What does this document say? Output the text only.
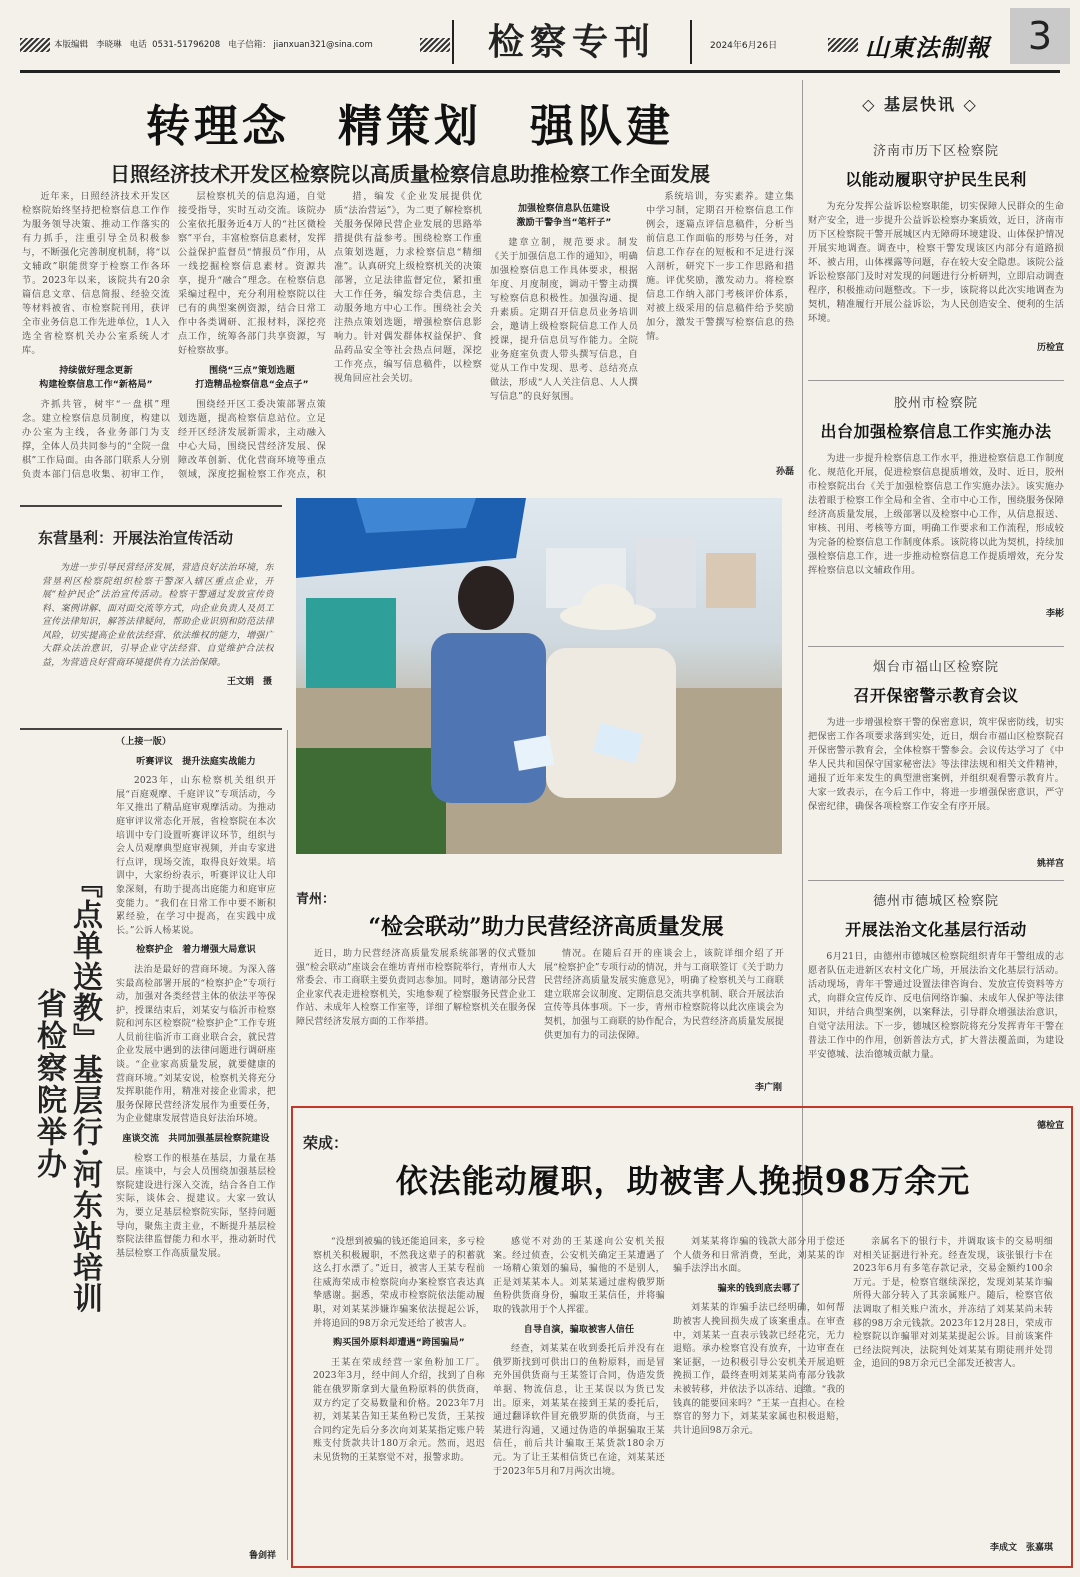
本版编辑 李晓琳 电话 0531-51796208 电子信箱： jianxuan321@sina.com	检察专刊	2024年6月26日	山東法制報 3
转理念　精策划　强队建
日照经济技术开发区检察院以高质量检察信息助推检察工作全面发展

近年来，日照经济技术开发区检察院始终坚持把检察信息工作作为服务领导决策、推动工作落实的有力抓手，注重引导全员积极参与，不断强化完善制度机制，将“以文辅政”职能贯穿于检察工作各环节。2023年以来，该院共有20余篇信息文章、信息简报、经验交流等材料被省、市检察院刊用，获评全市业务信息工作先进单位，1人入选全省检察机关办公室系统人才库。

持续做好理念更新
构建检察信息工作“新格局”

齐抓共管，树牢“一盘棋”理念。建立检察信息员制度，构建以办公室为主线，各业务部门为支撑，全体人员共同参与的“全院一盘棋”工作局面。由各部门联系人分别负责本部门信息收集、初审工作，

层检察机关的信息沟通，自觉接受指导，实时互动交流。该院办公室依托服务近4万人的“社区微检察”平台，丰富检察信息素材，发挥公益保护监督员“情报员”作用，从一线挖掘检察信息素材。资源共享，提升“融合”理念。在检察信息采编过程中，充分利用检察院以往已有的典型案例资源，结合日常工作中各类调研、汇报材料，深挖亮点工作，统筹各部门共享资源，写好检察故事。

围绕“三点”策划选题
打造精品检察信息“金点子”

围绕经开区工委决策部署点策划选题，提高检察信息站位。立足经开区经济发展新需求，主动融入中心大局，围绕民营经济发展、保障改革创新、优化营商环境等重点领域，深度挖掘检察工作亮点，积

措，编发《企业发展提供优质“法治营运”》，为二更了解检察机关服务保障民营企业发展的思路举措提供有益参考。围绕检察工作重点策划选题，力求检察信息“精细准”。认真研究上级检察机关的决策部署，立足法律监督定位，紧扣重大工作任务，编发综合类信息，主动服务地方中心工作。围绕社会关注热点策划选题，增强检察信息影响力。针对偶发群体权益保护、食品药品安全等社会热点问题，深挖工作亮点，编写信息稿件，以检察视角回应社会关切。

加强检察信息队伍建设
激励干警争当“笔杆子”

建章立制，规范要求。制发《关于加强信息工作的通知》，明确加强检察信息工作具体要求，根据年度、月度制度，调动干警主动撰写检察信息积极性。加强沟通、提升素质。定期召开信息员业务培训会，邀请上级检察院信息工作人员授课，提升信息员写作能力。全院业务庭室负责人带头撰写信息，自觉从工作中发现、思考、总结亮点做法，形成“人人关注信息、人人撰写信息”的良好氛围。

系统培训，夯实素养。建立集中学习制，定期召开检察信息工作例会，逐篇点评信息稿件，分析当前信息工作面临的形势与任务，对信息工作存在的短板和不足进行深入剖析，研究下一步工作思路和措施。评优奖励，激发动力。将检察信息工作纳入部门考核评价体系，对被上级采用的信息稿件给予奖励加分，激发干警撰写检察信息的热情。

孙磊
◇ 基层快讯 ◇
济南市历下区检察院
以能动履职守护民生民利

为充分发挥公益诉讼检察职能，切实保障人民群众的生命财产安全，进一步提升公益诉讼检察办案质效，近日，济南市历下区检察院干警开展城区内无障碍环境建设、山体保护情况开展实地调查。调查中，检察干警发现该区内部分有道路损坏、被占用，山体裸露等问题，存在较大安全隐患。该院公益诉讼检察部门及时对发现的问题进行分析研判，立即启动调查程序，积极推动问题整改。下一步，该院将以此次实地调查为契机，精准履行开展公益诉讼，为人民创造安全、便利的生活环境。

历检宣
胶州市检察院
出台加强检察信息工作实施办法

为进一步提升检察信息工作水平，推进检察信息工作制度化、规范化开展，促进检察信息提质增效，及时、近日，胶州市检察院出台《关于加强检察信息工作实施办法》。该实施办法着眼于检察工作全局和全省、全市中心工作，围绕服务保障经济高质量发展，上级部署以及检察中心工作，从信息报送、审核、刊用、考核等方面，明确工作要求和工作流程，形成较为完备的检察信息工作制度体系。该院将以此为契机，持续加强检察信息工作，进一步推动检察信息工作提质增效，充分发挥检察信息以文辅政作用。

李彬
烟台市福山区检察院
召开保密警示教育会议

为进一步增强检察干警的保密意识，筑牢保密防线，切实把保密工作各项要求落到实处，近日，烟台市福山区检察院召开保密警示教育会，全体检察干警参会。会议传达学习了《中华人民共和国保守国家秘密法》等法律法规和相关文件精神，通报了近年来发生的典型泄密案例，并组织观看警示教育片。大家一致表示，在今后工作中，将进一步增强保密意识，严守保密纪律，确保各项检察工作安全有序开展。

姚祥宫
德州市德城区检察院
开展法治文化基层行活动

6月21日，由德州市德城区检察院组织青年干警组成的志愿者队伍走进新区农村文化广场，开展法治文化基层行活动。活动现场，青年干警通过设置法律咨询台、发放宣传资料等方式，向群众宣传反诈、反电信网络诈骗、未成年人保护等法律知识，并结合典型案例，以案释法，引导群众增强法治意识，自觉守法用法。下一步，德城区检察院将充分发挥青年干警在普法工作中的作用，创新普法方式，扩大普法覆盖面，为建设平安德城、法治德城贡献力量。

德检宣
东营垦利：开展法治宣传活动

为进一步引导民营经济发展，营造良好法治环境，东营垦利区检察院组织检察干警深入辖区重点企业，开展“检护民企”法治宣传活动。检察干警通过发放宣传资料、案例讲解、面对面交流等方式，向企业负责人及员工宣传法律知识，解答法律疑问，帮助企业识别和防范法律风险，切实提高企业依法经营、依法维权的能力，增强广大群众法治意识，引导企业守法经营、自觉维护合法权益，为营造良好营商环境提供有力法治保障。

王文娟　摄
『点单送教』基层行·河东站培训
省检察院举办
（上接一版）
听赛评议　提升法庭实战能力

2023年，山东检察机关组织开展“百庭观摩、千庭评议”专项活动，今年又推出了精品庭审观摩活动。为推动庭审评议常态化开展，省检察院在本次培训中专门设置听赛评议环节，组织与会人员观摩典型庭审视频，并由专家进行点评，现场交流，取得良好效果。培训中，大家纷纷表示，听赛评议让人印象深刻，有助于提高出庭能力和庭审应变能力。“我们在日常工作中要不断积累经验，在学习中提高，在实践中成长。”公诉人杨某说。

检察护企　着力增强大局意识

法治是最好的营商环境。为深入落实最高检部署开展的“检察护企”专项行动，加强对各类经营主体的依法平等保护，授课结束后，刘某安与临沂市检察院和河东区检察院“检察护企”工作专班人员前往临沂市工商业联合会，就民营企业发展中遇到的法律问题进行调研座谈。“企业家高质量发展，就要健康的营商环境。”刘某安说，检察机关将充分发挥职能作用，精准对接企业需求，把服务保障民营经济发展作为重要任务，为企业健康发展营造良好法治环境。

座谈交流　共同加强基层检察院建设

检察工作的根基在基层，力量在基层。座谈中，与会人员围绕加强基层检察院建设进行深入交流，结合各自工作实际，谈体会、提建议。大家一致认为，要立足基层检察院实际，坚持问题导向，聚焦主责主业，不断提升基层检察院法律监督能力和水平，推动新时代基层检察工作高质量发展。

鲁剑祥
青州：
“检会联动”助力民营经济高质量发展

近日，助力民营经济高质量发展系统部署的仪式暨加强“检会联动”座谈会在维坊青州市检察院举行，青州市人大常委会、市工商联主要负责同志参加。同时，邀请部分民营企业家代表走进检察机关，实地参观了检察服务民营企业工作站、未成年人检察工作室等，详细了解检察机关在服务保障民营经济发展方面的工作举措。

情况。在随后召开的座谈会上，该院详细介绍了开展“检察护企”专项行动的情况，并与工商联签订《关于助力民营经济高质量发展实施意见》，明确了检察机关与工商联建立联席会议制度、定期信息交流共享机制、联合开展法治宣传等具体事项。下一步，青州市检察院将以此次座谈会为契机，加强与工商联的协作配合，为民营经济高质量发展提供更加有力的司法保障。

李广刚
荣成：
依法能动履职，助被害人挽损98万余元

“没想到被骗的钱还能追回来，多亏检察机关积极履职，不然我这辈子的积蓄就这么打水漂了。”近日，被害人王某专程前往威海荣成市检察院向办案检察官表达真挚感谢。据悉，荣成市检察院依法能动履职，对刘某某涉嫌诈骗案依法提起公诉，并将追回的98万余元发还给了被害人。

购买国外原料却遭遇“跨国骗局”

王某在荣成经营一家鱼粉加工厂。2023年3月，经中间人介绍，找到了自称能在俄罗斯拿到大量鱼粉原料的供货商，双方约定了交易数量和价格。2023年7月初，刘某某告知王某鱼粉已发货，王某按合同约定先后分多次向刘某某指定账户转账支付货款共计180万余元。然而，迟迟未见货物的王某察觉不对，报警求助。

感觉不对劲的王某遂向公安机关报案。经过侦查，公安机关确定王某遭遇了一场精心策划的骗局，骗他的不是别人，正是刘某某本人。刘某某通过虚构俄罗斯鱼粉供货商身份，骗取王某信任，并将骗取的钱款用于个人挥霍。

自导自演，骗取被害人信任

经查，刘某某在收到委托后并没有在俄罗斯找到可供出口的鱼粉原料，而是冒充外国供货商与王某签订合同，伪造发货单据、物流信息，让王某误以为货已发出。原来，刘某某在接到王某的委托后，通过翻译软件冒充俄罗斯的供货商，与王某进行沟通，又通过伪造的单据骗取王某信任，前后共计骗取王某货款180余万元。为了让王某相信货已在途，刘某某还于2023年5月和7月两次出境。

刘某某将诈骗的钱款大部分用于偿还个人债务和日常消费，至此，刘某某的诈骗手法浮出水面。

骗来的钱到底去哪了

刘某某的诈骗手法已经明确，如何帮助被害人挽回损失成了该案重点。在审查中，刘某某一直表示钱款已经花完，无力退赔。承办检察官没有放弃，一边审查在案证据，一边积极引导公安机关开展追赃挽损工作，最终查明刘某某尚有部分钱款未被转移，并依法予以冻结、追缴。“我的钱真的能要回来吗？”王某一直担心。在检察官的努力下，刘某某家属也积极退赔，共计追回98万余元。

亲属名下的银行卡，并调取该卡的交易明细对相关证据进行补充。经查发现，该张银行卡在2023年6月有多笔存款记录，交易金额约100余万元。于是，检察官继续深挖，发现刘某某诈骗所得大部分转入了其亲属账户。随后，检察官依法调取了相关账户流水，并冻结了刘某某尚未转移的98万余元钱款。2023年12月28日，荣成市检察院以诈骗罪对刘某某提起公诉。目前该案件已经法院判决，法院判处刘某某有期徒刑并处罚金，追回的98万余元已全部发还被害人。

李成文　张嘉琪
